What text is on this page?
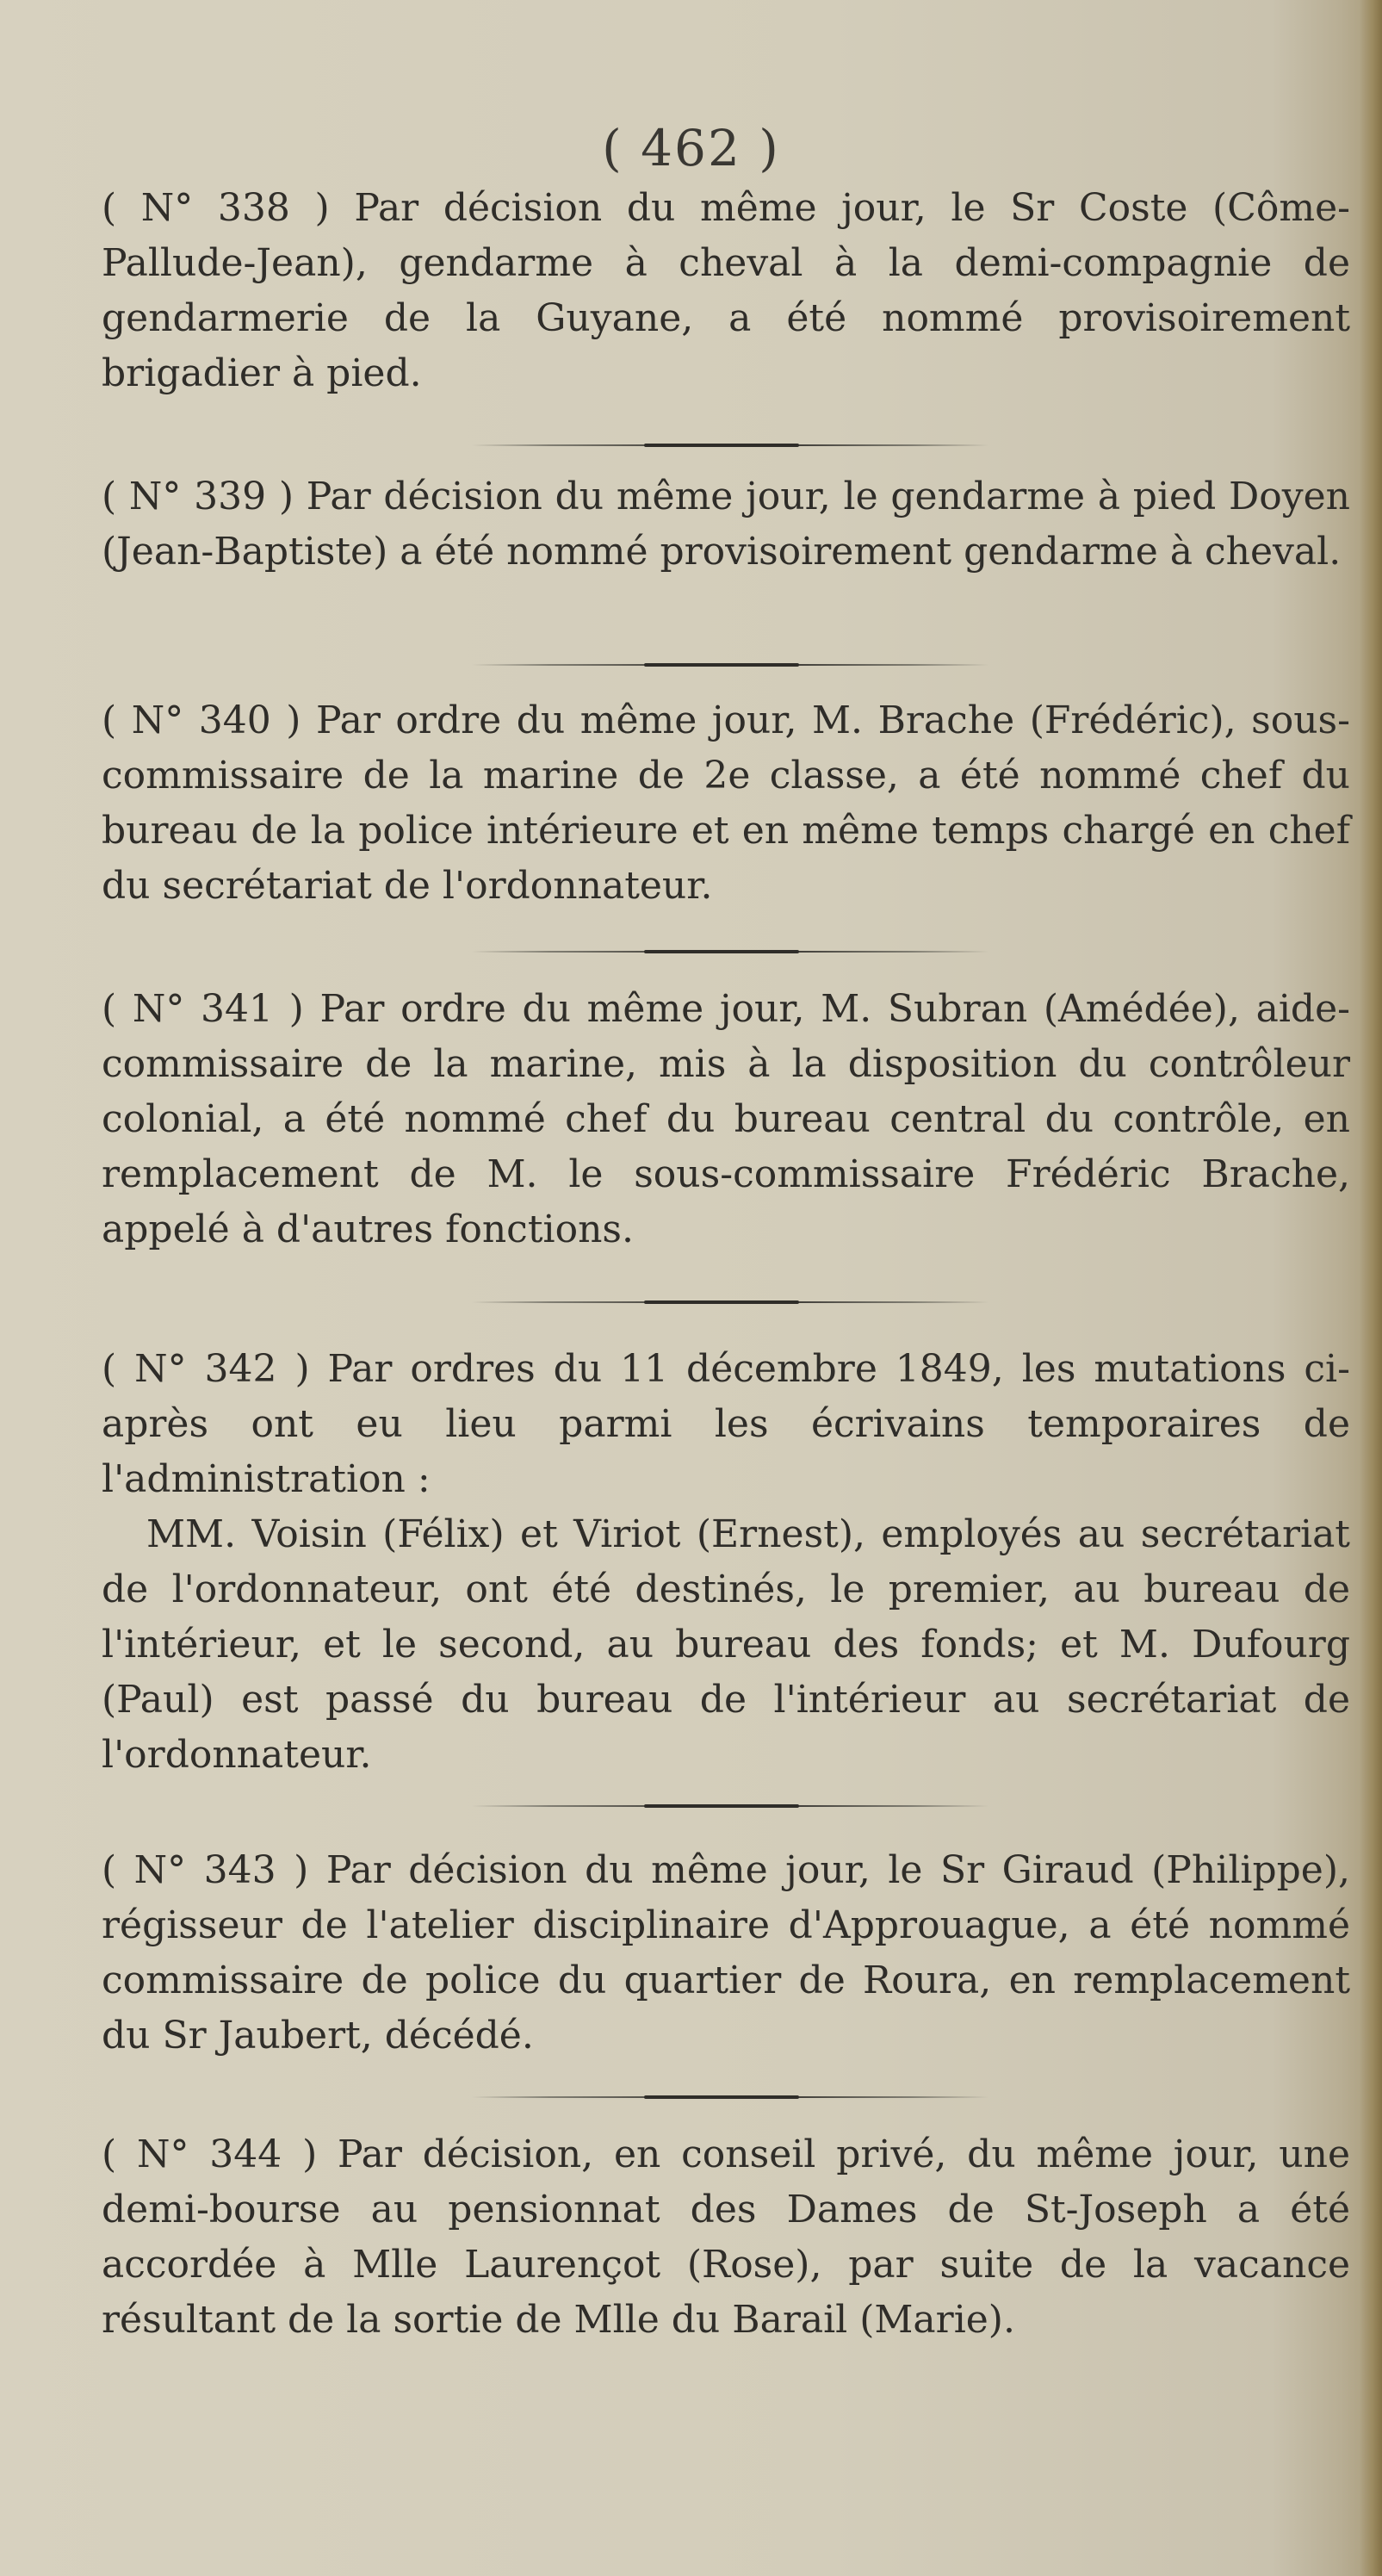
( 462 )

( N° 338 ) Par décision du même jour, le Sr Coste (Côme-Pallude-Jean), gendarme à cheval à la demi-compagnie de gendarmerie de la Guyane, a été nommé provisoirement brigadier à pied.

( N° 339 ) Par décision du même jour, le gendarme à pied Doyen (Jean-Baptiste) a été nommé provisoirement gendarme à cheval.

( N° 340 ) Par ordre du même jour, M. Brache (Frédéric), sous-commissaire de la marine de 2e classe, a été nommé chef du bureau de la police intérieure et en même temps chargé en chef du secrétariat de l'ordonnateur.

( N° 341 ) Par ordre du même jour, M. Subran (Amédée), aide-commissaire de la marine, mis à la disposition du contrôleur colonial, a été nommé chef du bureau central du contrôle, en remplacement de M. le sous-commissaire Frédéric Brache, appelé à d'autres fonctions.

( N° 342 ) Par ordres du 11 décembre 1849, les mutations ci-après ont eu lieu parmi les écrivains temporaires de l'administration :

MM. Voisin (Félix) et Viriot (Ernest), employés au secrétariat de l'ordonnateur, ont été destinés, le premier, au bureau de l'intérieur, et le second, au bureau des fonds; et M. Dufourg (Paul) est passé du bureau de l'intérieur au secrétariat de l'ordonnateur.

( N° 343 ) Par décision du même jour, le Sr Giraud (Philippe), régisseur de l'atelier disciplinaire d'Approuague, a été nommé commissaire de police du quartier de Roura, en remplacement du Sr Jaubert, décédé.

( N° 344 ) Par décision, en conseil privé, du même jour, une demi-bourse au pensionnat des Dames de St-Joseph a été accordée à Mlle Laurençot (Rose), par suite de la vacance résultant de la sortie de Mlle du Barail (Marie).
